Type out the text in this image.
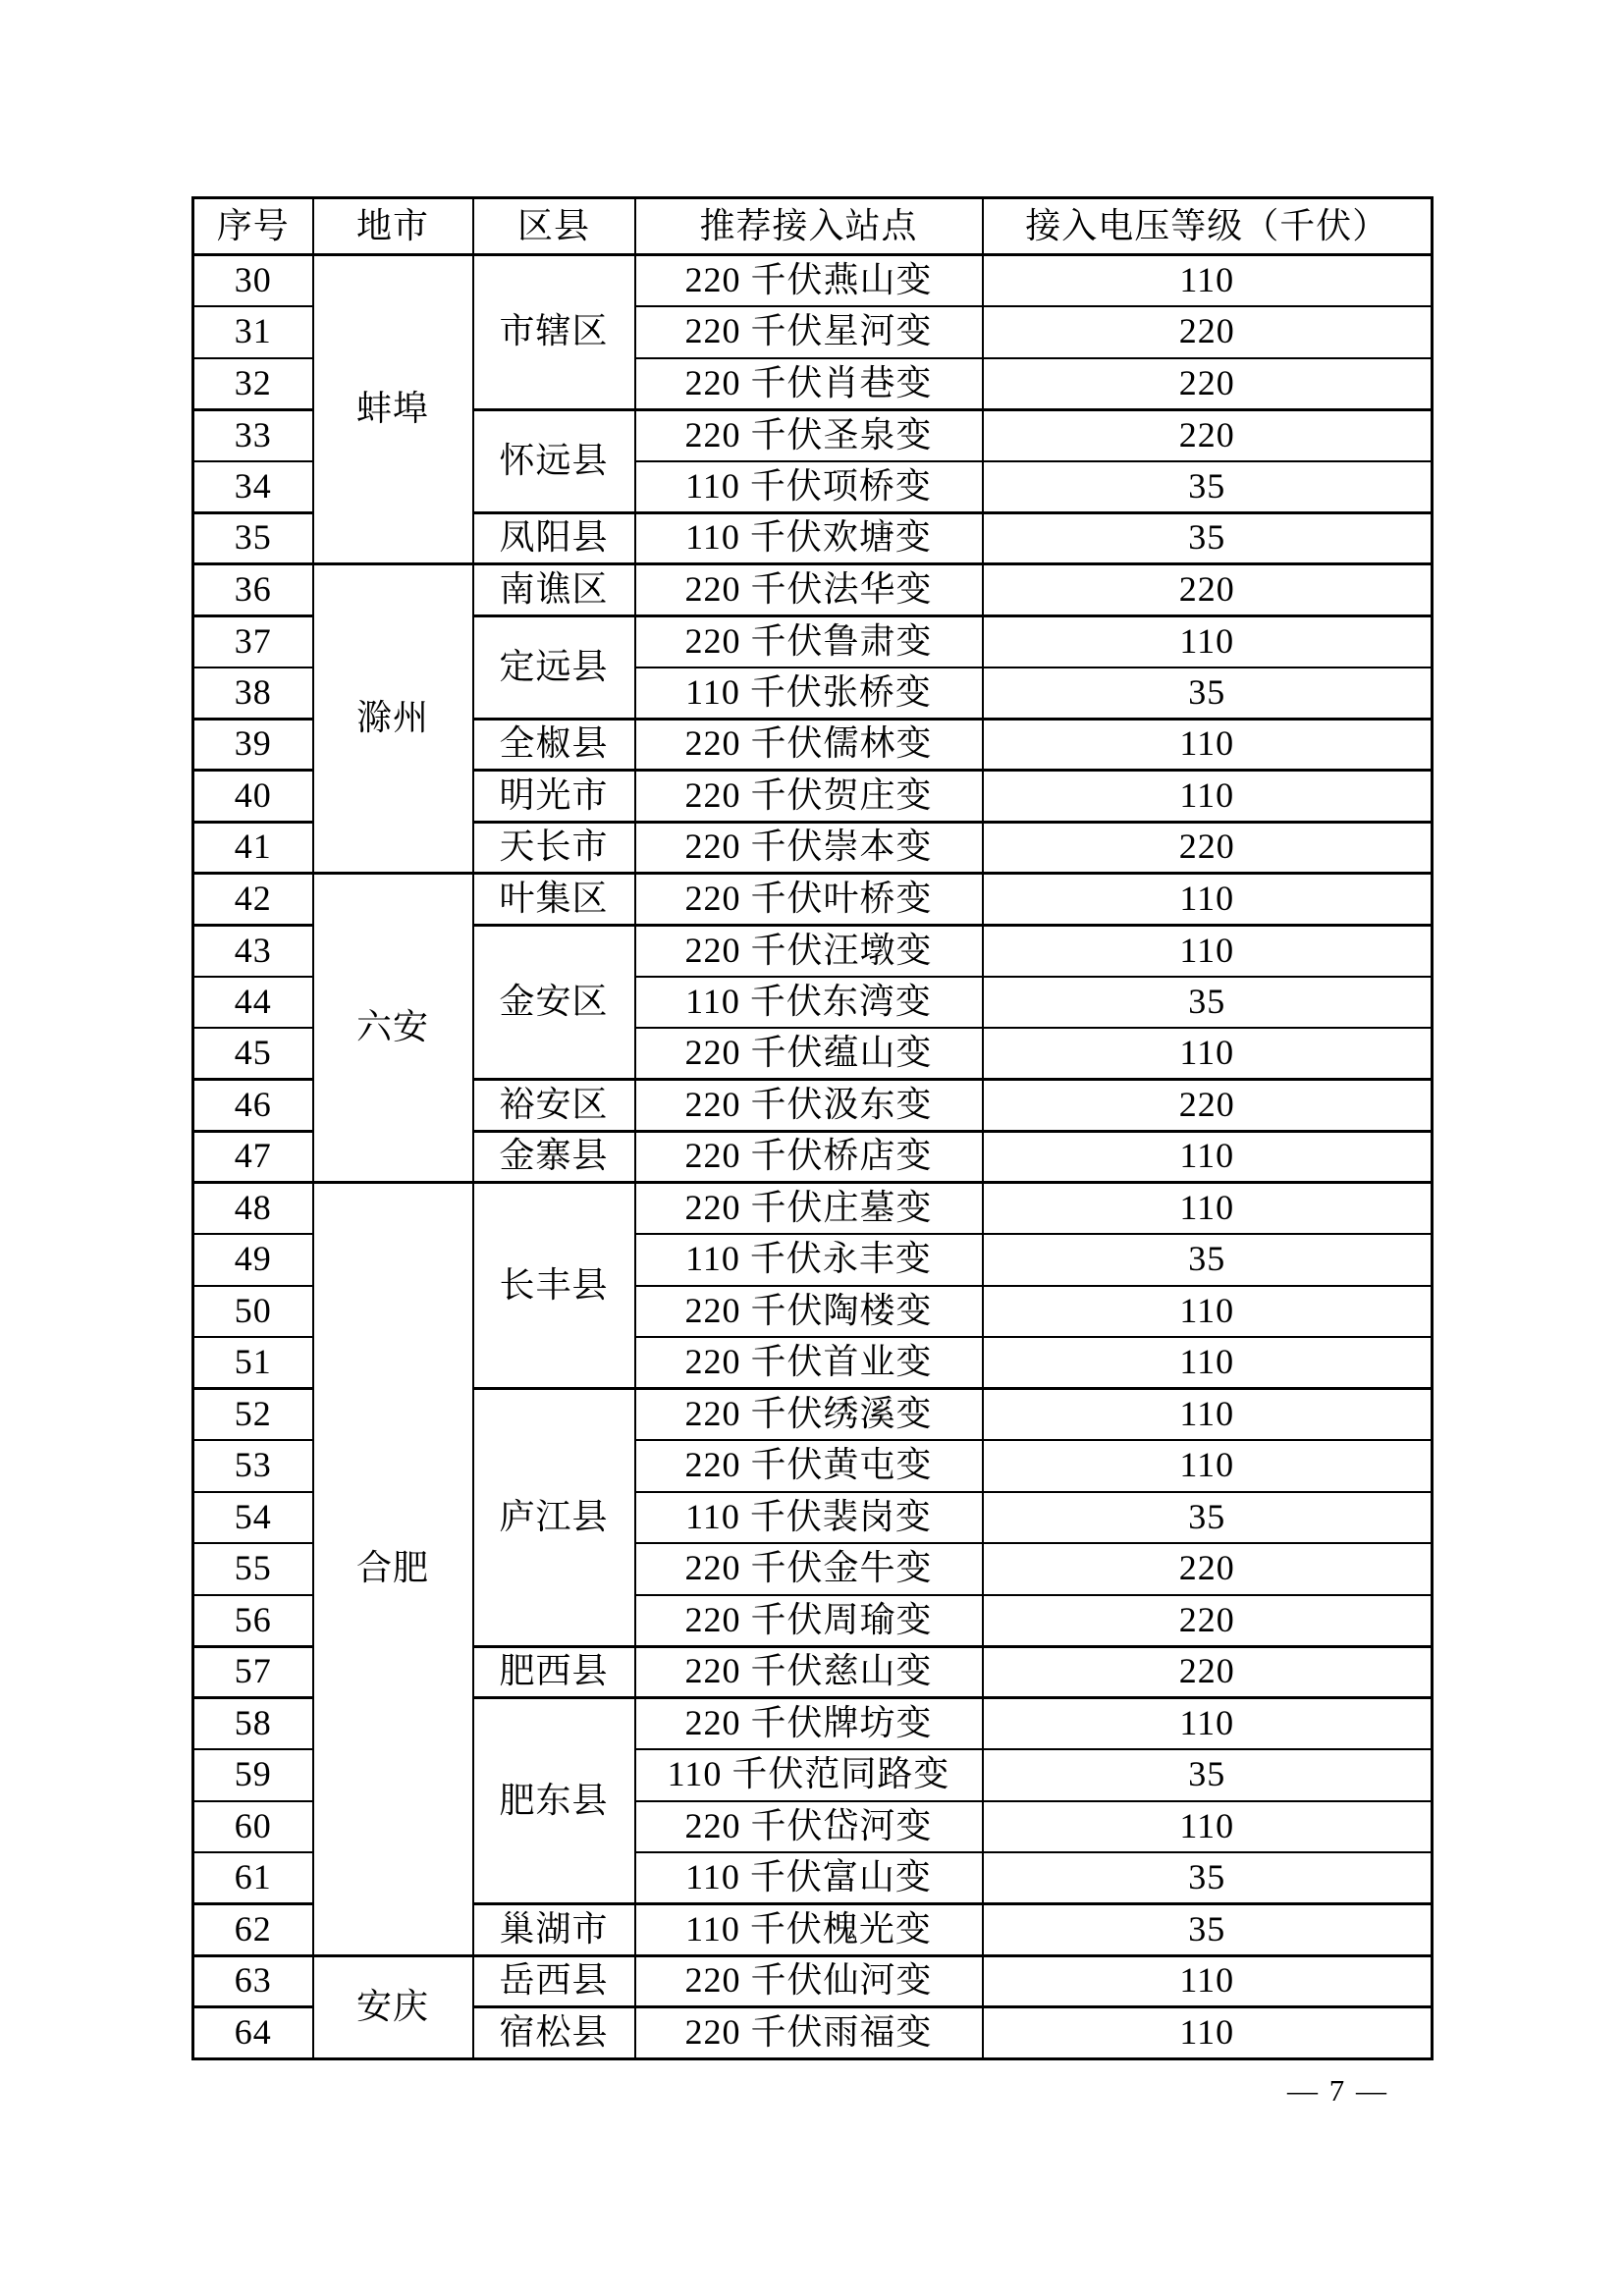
序号	地市	区县	推荐接入站点	接入电压等级（千伏）
30	蚌埠	市辖区	220 千伏燕山变	110
31			220 千伏星河变	220
32			220 千伏肖巷变	220
33		怀远县	220 千伏圣泉变	220
34			110 千伏项桥变	35
35		凤阳县	110 千伏欢塘变	35
36	滁州	南谯区	220 千伏法华变	220
37		定远县	220 千伏鲁肃变	110
38			110 千伏张桥变	35
39		全椒县	220 千伏儒林变	110
40		明光市	220 千伏贺庄变	110
41		天长市	220 千伏崇本变	220
42	六安	叶集区	220 千伏叶桥变	110
43		金安区	220 千伏汪墩变	110
44			110 千伏东湾变	35
45			220 千伏蕴山变	110
46		裕安区	220 千伏汲东变	220
47		金寨县	220 千伏桥店变	110
48	合肥	长丰县	220 千伏庄墓变	110
49			110 千伏永丰变	35
50			220 千伏陶楼变	110
51			220 千伏首业变	110
52		庐江县	220 千伏绣溪变	110
53			220 千伏黄屯变	110
54			110 千伏裴岗变	35
55			220 千伏金牛变	220
56			220 千伏周瑜变	220
57		肥西县	220 千伏慈山变	220
58		肥东县	220 千伏牌坊变	110
59			110 千伏范同路变	35
60			220 千伏岱河变	110
61			110 千伏富山变	35
62		巢湖市	110 千伏槐光变	35
63	安庆	岳西县	220 千伏仙河变	110
64		宿松县	220 千伏雨福变	110
— 7 —
